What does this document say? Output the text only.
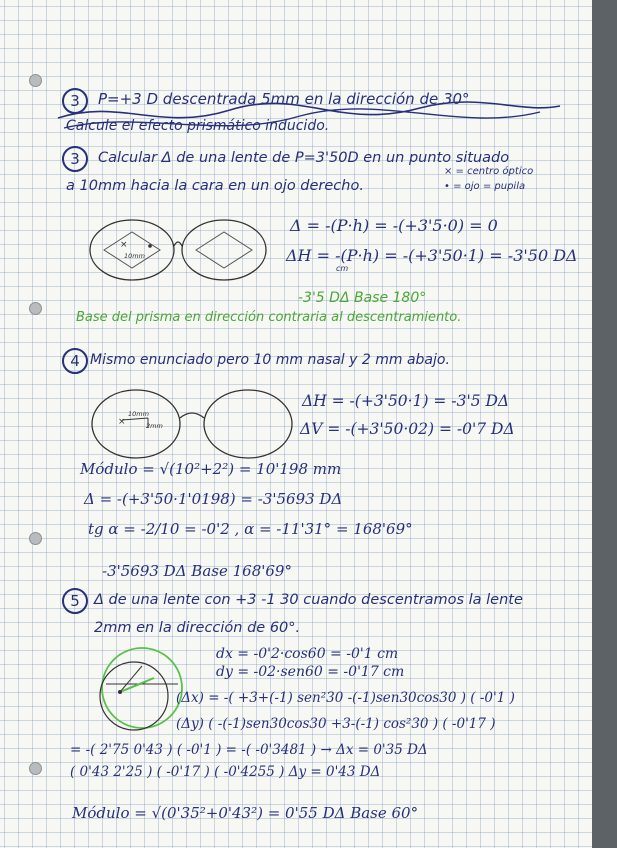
3	P=+3 D descentrada 5mm en la dirección de 30°
Calcule el efecto prismático inducido.
3	Calcular Δ de una lente de P=3'50D en un punto situado
a 10mm hacia la cara en un ojo derecho.
× = centro óptico
• = ojo = pupila
×
10mm
Δ = -(P·h) = -(+3'5·0) = 0
ΔH = -(P·h) = -(+3'50·1) = -3'50 DΔ
cm
-3'5 DΔ Base 180°
Base del prisma en dirección contraria al descentramiento.
4 Mismo enunciado pero 10 mm nasal y 2 mm abajo.
×
10mm
2mm
ΔH = -(+3'50·1) = -3'5 DΔ
ΔV = -(+3'50·02) = -0'7 DΔ
Módulo = √(10²+2²) = 10'198 mm
Δ = -(+3'50·1'0198) = -3'5693 DΔ
tg α = -2/10 = -0'2 , α = -11'31° = 168'69°
-3'5693 DΔ Base 168'69°
5 Δ de una lente con +3 -1 30 cuando descentramos la lente
2mm en la dirección de 60°.
dx = -0'2·cos60 = -0'1 cm
dy = -02·sen60 = -0'17 cm
(Δx) = -( +3+(-1) sen²30 -(-1)sen30cos30 ) ( -0'1 )
(Δy) ( -(-1)sen30cos30 +3-(-1) cos²30 ) ( -0'17 )
= -( 2'75 0'43 ) ( -0'1 ) = -( -0'3481 ) → Δx = 0'35 DΔ
( 0'43 2'25 ) ( -0'17 ) ( -0'4255 ) Δy = 0'43 DΔ
Módulo = √(0'35²+0'43²) = 0'55 DΔ Base 60°
